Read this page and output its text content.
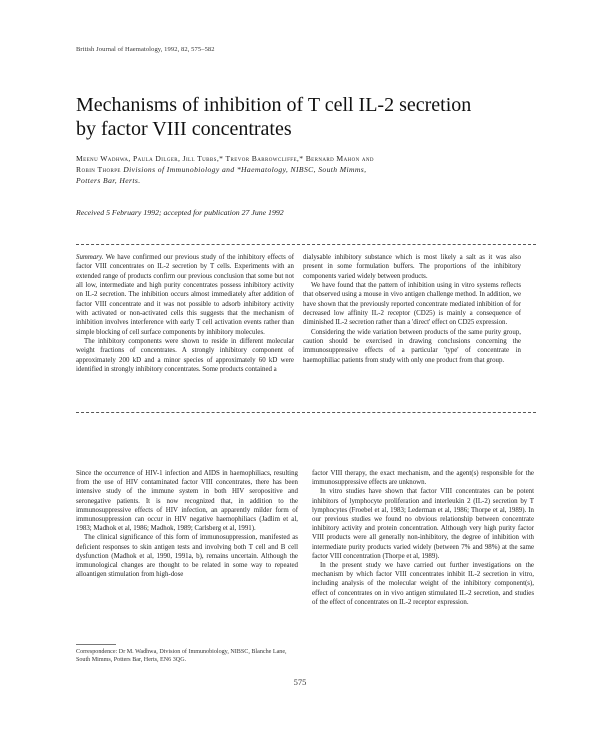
British Journal of Haematology, 1992, 82, 575–582
Mechanisms of inhibition of T cell IL-2 secretion
by factor VIII concentrates
Meenu Wadhwa, Paula Dilger, Jill Tubbs,* Trevor Barrowcliffe,* Bernard Mahon and
Robin Thorpe Divisions of Immunobiology and *Haematology, NIBSC, South Mimms,
Potters Bar, Herts.
Received 5 February 1992; accepted for publication 27 June 1992

Summary. We have confirmed our previous study of the inhibitory effects of factor VIII concentrates on IL-2 secretion by T cells. Experiments with an extended range of products confirm our previous conclusion that some but not all low, intermediate and high purity concentrates possess inhibitory activity on IL-2 secretion. The inhibition occurs almost immediately after addition of factor VIII concentrate and it was not possible to adsorb inhibitory activity with activated or non-activated cells this suggests that the mechanism of inhibition involves interference with early T cell activation events rather than simple blocking of cell surface components by inhibitory molecules.

The inhibitory components were shown to reside in different molecular weight fractions of concentrates. A strongly inhibitory component of approximately 200 kD and a minor species of approximately 60 kD were identified in strongly inhibitory concentrates. Some products contained a

dialysable inhibitory substance which is most likely a salt as it was also present in some formulation buffers. The proportions of the inhibitory components varied widely between products.

We have found that the pattern of inhibition using in vitro systems reflects that observed using a mouse in vivo antigen challenge method. In addition, we have shown that the previously reported concentrate mediated inhibition of for decreased low affinity IL-2 receptor (CD25) is mainly a consequence of diminished IL-2 secretion rather than a 'direct' effect on CD25 expression.

Considering the wide variation between products of the same purity group, caution should be exercised in drawing conclusions concerning the immunosuppressive effects of a particular 'type' of concentrate in haemophiliac patients from study with only one product from that group.

Since the occurrence of HIV-1 infection and AIDS in haemophiliacs, resulting from the use of HIV contaminated factor VIII concentrates, there has been intensive study of the immune system in both HIV seropositive and seronegative patients. It is now recognized that, in addition to the immunosuppressive effects of HIV infection, an apparently milder form of immunosuppression can occur in HIV negative haemophiliacs (Jadlim et al, 1983; Madhok et al, 1986; Madhok, 1989; Carlsberg et al, 1991).

The clinical significance of this form of immunosuppression, manifested as deficient responses to skin antigen tests and involving both T cell and B cell dysfunction (Madhok et al, 1990, 1991a, b), remains uncertain. Although the immunological changes are thought to be related in some way to repeated alloantigen stimulation from high-dose

factor VIII therapy, the exact mechanism, and the agent(s) responsible for the immunosuppressive effects are unknown.

In vitro studies have shown that factor VIII concentrates can be potent inhibitors of lymphocyte proliferation and interleukin 2 (IL-2) secretion by T lymphocytes (Froebel et al, 1983; Lederman et al, 1986; Thorpe et al, 1989). In our previous studies we found no obvious relationship between concentrate inhibitory activity and protein concentration. Although very high purity factor VIII products were all generally non-inhibitory, the degree of inhibition with intermediate purity products varied widely (between 7% and 98%) at the same factor VIII concentration (Thorpe et al, 1989).

In the present study we have carried out further investigations on the mechanism by which factor VIII concentrates inhibit IL-2 secretion in vitro, including analysis of the molecular weight of the inhibitory component(s), effect of concentrates on in vivo antigen stimulated IL-2 secretion, and studies of the effect of concentrates on IL-2 receptor expression.

Correspondence: Dr M. Wadhwa, Division of Immunobiology, NIBSC, Blanche Lane, South Mimms, Potters Bar, Herts, EN6 3QG.
575
